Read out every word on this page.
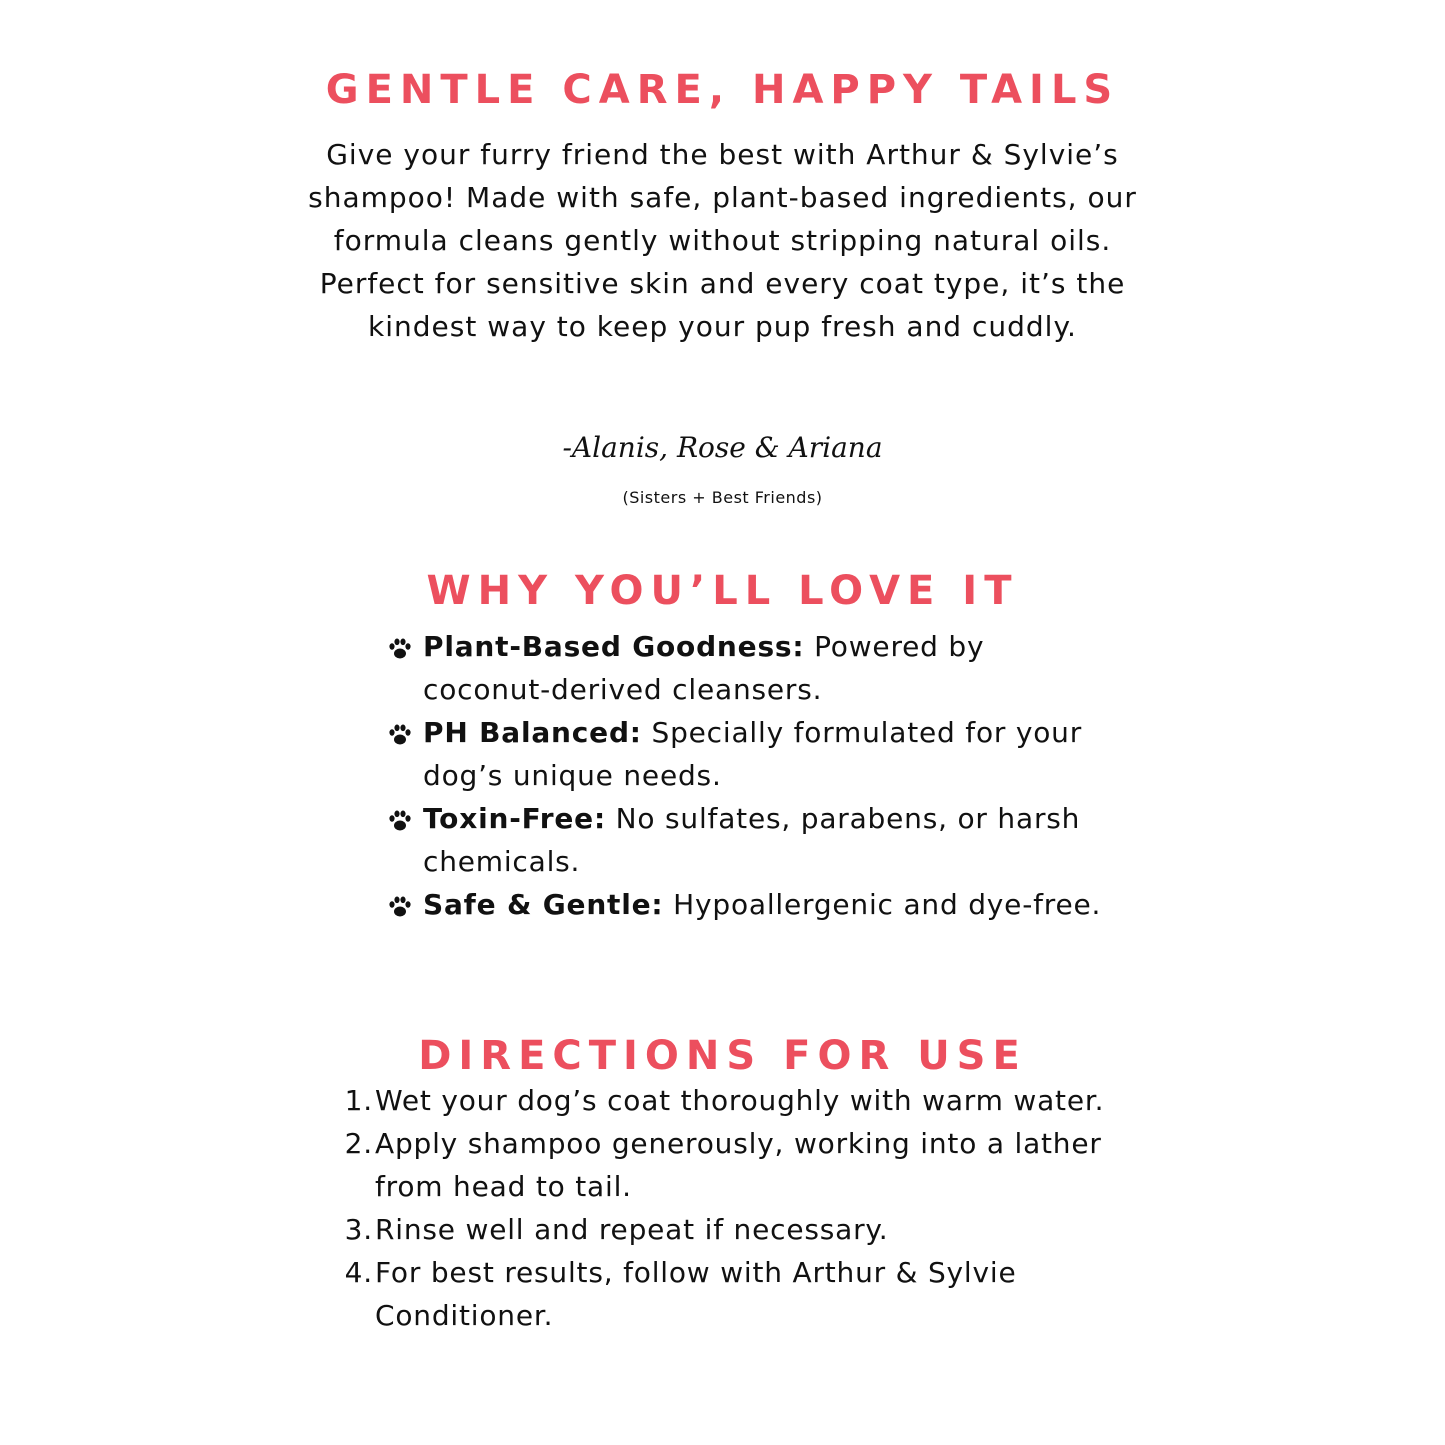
GENTLE CARE, HAPPY TAILS

Give your furry friend the best with Arthur & Sylvie’s shampoo! Made with safe, plant-based ingredients, our formula cleans gently without stripping natural oils. Perfect for sensitive skin and every coat type, it’s the kindest way to keep your pup fresh and cuddly.

-Alanis, Rose & Ariana

(Sisters + Best Friends)

WHY YOU’LL LOVE IT
Plant-Based Goodness: Powered by coconut-derived cleansers.
PH Balanced: Specially formulated for your dog’s unique needs.
Toxin-Free: No sulfates, parabens, or harsh chemicals.
Safe & Gentle: Hypoallergenic and dye-free.
DIRECTIONS FOR USE
1. Wet your dog’s coat thoroughly with warm water.
2. Apply shampoo generously, working into a lather from head to tail.
3. Rinse well and repeat if necessary.
4. For best results, follow with Arthur & Sylvie Conditioner.
